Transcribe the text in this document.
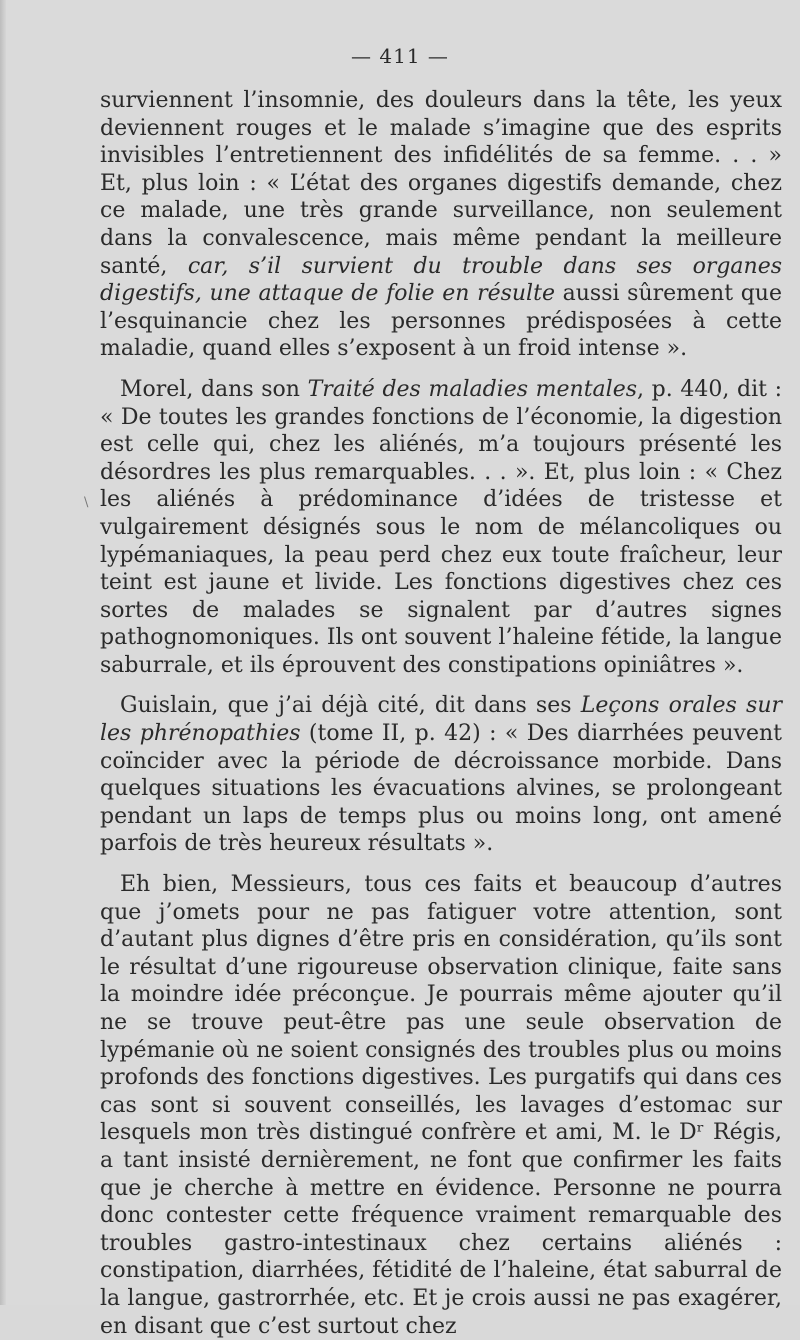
— 411 —
\

surviennent l’insomnie, des douleurs dans la tête, les yeux deviennent rouges et le malade s’imagine que des esprits invisibles l’entretiennent des infidélités de sa femme. . . » Et, plus loin : « L’état des organes digestifs demande, chez ce malade, une très grande surveillance, non seulement dans la convalescence, mais même pendant la meilleure santé, car, s’il survient du trouble dans ses organes digestifs, une attaque de folie en résulte aussi sûrement que l’esquinancie chez les personnes prédisposées à cette maladie, quand elles s’exposent à un froid intense ».

Morel, dans son Traité des maladies mentales, p. 440, dit : « De toutes les grandes fonctions de l’économie, la digestion est celle qui, chez les aliénés, m’a toujours présenté les désordres les plus remarquables. . . ». Et, plus loin : « Chez les aliénés à prédominance d’idées de tristesse et vulgairement désignés sous le nom de mélancoliques ou lypémaniaques, la peau perd chez eux toute fraîcheur, leur teint est jaune et livide. Les fonctions digestives chez ces sortes de malades se signalent par d’autres signes pathognomoniques. Ils ont souvent l’haleine fétide, la langue saburrale, et ils éprouvent des constipations opiniâtres ».

Guislain, que j’ai déjà cité, dit dans ses Leçons orales sur les phrénopathies (tome II, p. 42) : « Des diarrhées peuvent coïncider avec la période de décroissance morbide. Dans quelques situations les évacuations alvines, se prolongeant pendant un laps de temps plus ou moins long, ont amené parfois de très heureux résultats ».

Eh bien, Messieurs, tous ces faits et beaucoup d’autres que j’omets pour ne pas fatiguer votre attention, sont d’autant plus dignes d’être pris en considération, qu’ils sont le résultat d’une rigoureuse observation clinique, faite sans la moindre idée préconçue. Je pourrais même ajouter qu’il ne se trouve peut-être pas une seule observation de lypémanie où ne soient consignés des troubles plus ou moins profonds des fonctions digestives. Les purgatifs qui dans ces cas sont si souvent conseillés, les lavages d’estomac sur lesquels mon très distingué confrère et ami, M. le Dʳ Régis, a tant insisté dernièrement, ne font que confirmer les faits que je cherche à mettre en évidence. Personne ne pourra donc contester cette fréquence vraiment remarquable des troubles gastro-intestinaux chez certains aliénés : constipation, diarrhées, fétidité de l’haleine, état saburral de la langue, gastrorrhée, etc. Et je crois aussi ne pas exagérer, en disant que c’est surtout chez
